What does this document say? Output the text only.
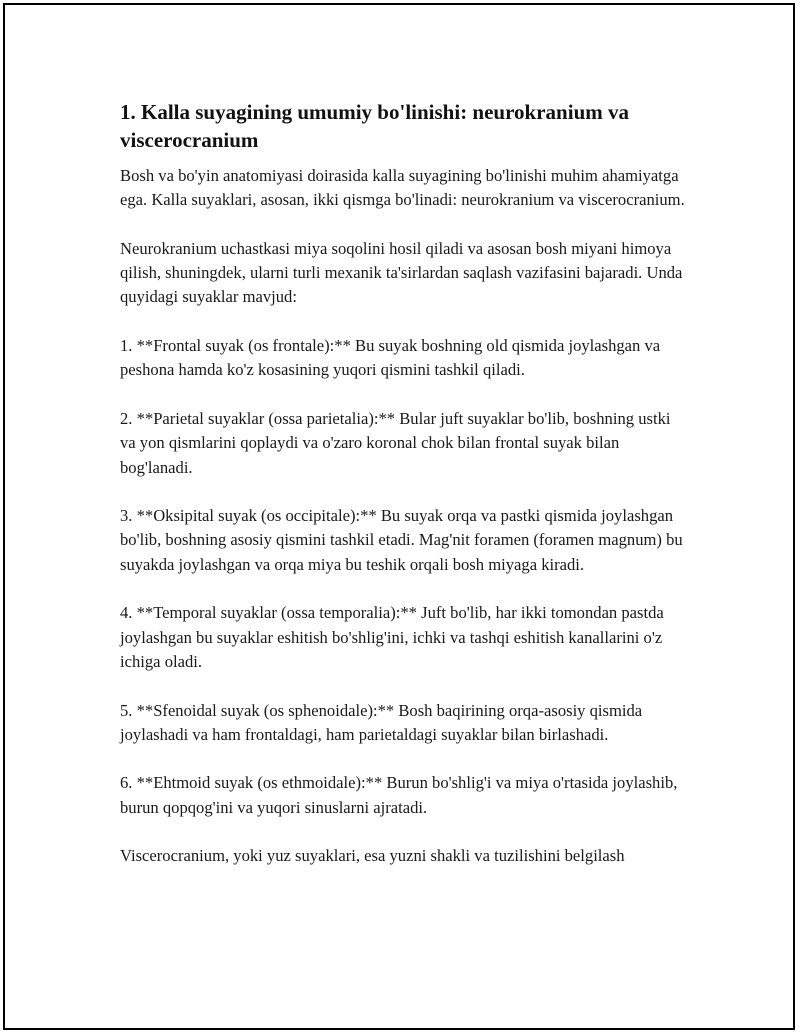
1. Kalla suyagining umumiy bo'linishi: neurokranium va viscerocranium

Bosh va bo'yin anatomiyasi doirasida kalla suyagining bo'linishi muhim ahamiyatga ega. Kalla suyaklari, asosan, ikki qismga bo'linadi: neurokranium va viscerocranium.

Neurokranium uchastkasi miya soqolini hosil qiladi va asosan bosh miyani himoya qilish, shuningdek, ularni turli mexanik ta'sirlardan saqlash vazifasini bajaradi. Unda quyidagi suyaklar mavjud:

1. **Frontal suyak (os frontale):** Bu suyak boshning old qismida joylashgan va peshona hamda ko'z kosasining yuqori qismini tashkil qiladi.

2. **Parietal suyaklar (ossa parietalia):** Bular juft suyaklar bo'lib, boshning ustki va yon qismlarini qoplaydi va o'zaro koronal chok bilan frontal suyak bilan bog'lanadi.

3. **Oksipital suyak (os occipitale):** Bu suyak orqa va pastki qismida joylashgan bo'lib, boshning asosiy qismini tashkil etadi. Mag'nit foramen (foramen magnum) bu suyakda joylashgan va orqa miya bu teshik orqali bosh miyaga kiradi.

4. **Temporal suyaklar (ossa temporalia):** Juft bo'lib, har ikki tomondan pastda joylashgan bu suyaklar eshitish bo'shlig'ini, ichki va tashqi eshitish kanallarini o'z ichiga oladi.

5. **Sfenoidal suyak (os sphenoidale):** Bosh baqirining orqa-asosiy qismida joylashadi va ham frontaldagi, ham parietaldagi suyaklar bilan birlashadi.

6. **Ehtmoid suyak (os ethmoidale):** Burun bo'shlig'i va miya o'rtasida joylashib, burun qopqog'ini va yuqori sinuslarni ajratadi.

Viscerocranium, yoki yuz suyaklari, esa yuzni shakli va tuzilishini belgilash
